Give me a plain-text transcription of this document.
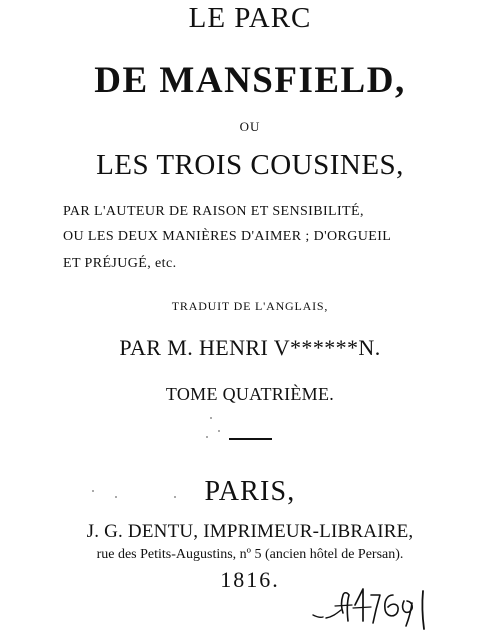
LE PARC
DE MANSFIELD,
OU
LES TROIS COUSINES,
PAR L'AUTEUR DE RAISON ET SENSIBILITÉ,
OU LES DEUX MANIÈRES D'AIMER ; D'ORGUEIL
ET PRÉJUGÉ, etc.
TRADUIT DE L'ANGLAIS,
PAR M. HENRI V******N.
TOME QUATRIÈME.
PARIS,
J. G. DENTU, IMPRIMEUR-LIBRAIRE,
rue des Petits-Augustins, nº 5 (ancien hôtel de Persan).
1816.
